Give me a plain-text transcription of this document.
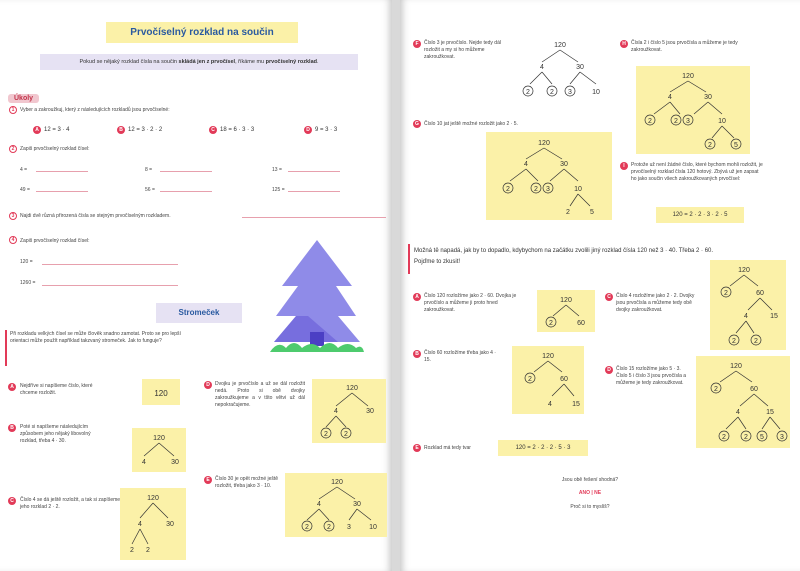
Prvočíselný rozklad na součin
Pokud se nějaký rozklad čísla na součin skládá jen z prvočísel, říkáme mu prvočíselný rozklad.
Úkoly
1	Vyber a zakroužkuj, který z následujících rozkladů jsou prvočíselné:
A 12 = 3 · 4	B 12 = 3 · 2 · 2	C 18 = 6 · 3 · 3	D 9 = 3 · 3
2	Zapiš prvočíselný rozklad čísel:
4 =	8 =	13 =
49 =	56 =	125 =
3	Najdi dvě různá přirozená čísla se stejným prvočíselným rozkladem.
4	Zapiš prvočíselný rozklad čísel:
120 =
1260 =
Stromeček
Při rozkladu velkých čísel se může člověk snadno zamotat. Proto se pro lepší orientaci může použít například takzvaný stromeček. Jak to funguje?
A	Nejdříve si napíšeme číslo, které chceme rozložit.	120
B	Poté si napíšeme následujícím způsobem jeho nějaký libovolný rozklad, třeba 4 · 30.	120
4	30
C	Číslo 4 se dá ještě rozložit, a tak si zapíšeme jeho rozklad 2 · 2.
120
4	30
2 2
D	Dvojku je prvočíslo a už se dál rozložit nedá. Proto si obě dvojky zakroužkujeme a v tšto větvi už dál nepokračujeme.
120
4	30
2 2
E	Číslo 30 je opět možné ještě rozložit, třeba jako 3 · 10.	120
4	30
2	2 3	10
F	Číslo 3 je prvočíslo. Nejde tedy dál rozložit a my si ho můžeme zakroužkovat.
120
4	30
2	2 3	10
G	Číslo 10 jat ještě možné rozložit jako 2 · 5.
120
4	30
2	2 3	10
2	5
H	Čísla 2 i číslo 5 jsou prvočísla a můžeme je tedy zakroužkovat.
120
4	30
2	2 3	10
2	5
I	Protože už není žádné číslo, které bychom mohli rozložit, je prvočíselný rozklad čísla 120 hotový. Zbývá už jen zapsat ho jako součin všech zakroužkovaných prvočísel:
120 = 2 · 2 · 3 · 2 · 5
Možná tě napadá, jak by to dopadlo, kdybychom na začátku zvolili jiný rozklad čísla 120 než 3 · 40. Třeba 2 · 60. Pojďme to zkusit!
A	Číslo 120 rozložíme jako 2 · 60. Dvojka je prvočíslo a můžeme ji proto hned zakroužkovat.
120
2	60
B	Číslo 60 rozložíme třeba jako 4 · 15.	120
2	60
4	15
C	Číslo 4 rozložíme jako 2 · 2. Dvojky jsou prvočísla a můžeme tedy obě dvojky zakroužkovat.
120
2	60
4	15
2	2
D	Číslo 15 rozložíme jako 5 · 3. Číslo 5 i číslo 3 jsou prvočísla a můžeme je tedy zakroužkovat.
120
2	60
4	15
2	2 5 3
E	Rozklad má tedy tvar	120 = 2 · 2 · 2 · 5 · 3
Jsou obě řešení shodná?
ANO | NE
Proč si to myslíš?
